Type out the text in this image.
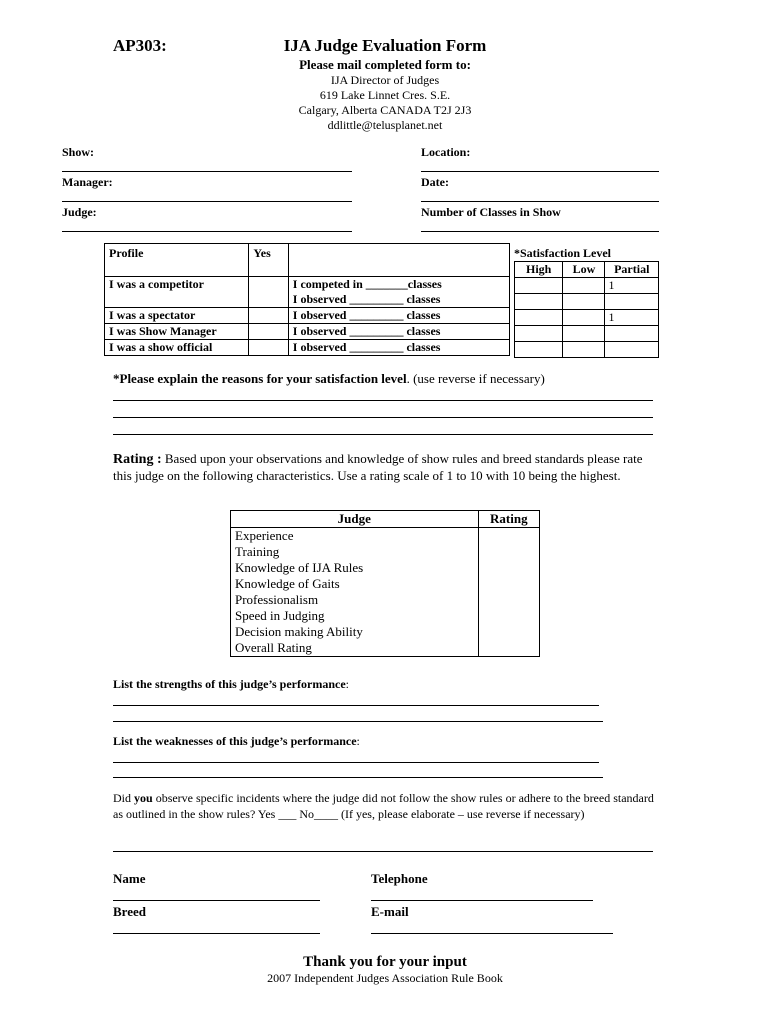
AP303:	IJA Judge Evaluation Form
Please mail completed form to:
IJA Director of Judges
619 Lake Linnet Cres. S.E.
Calgary, Alberta CANADA T2J 2J3
ddlittle@telusplanet.net
Show:	Location:
Manager:	Date:
Judge:	Number of Classes in Show
Profile	Yes	
I was a competitor		I competed in _______classes
I observed _________ classes

I was a spectator		I observed _________ classes
I was Show Manager		I observed _________ classes
I was a show official		I observed _________ classes
*Satisfaction Level
High	Low	Partial
		1

		1

*Please explain the reasons for your satisfaction level. (use reverse if necessary)
Rating : Based upon your observations and knowledge of show rules and breed standards please rate this judge on the following characteristics. Use a rating scale of 1 to 10 with 10 being the highest.
Judge	Rating
Experience	
Training	
Knowledge of IJA Rules	
Knowledge of Gaits	
Professionalism	
Speed in Judging	
Decision making Ability	
Overall Rating	
List the strengths of this judge’s performance:
List the weaknesses of this judge’s performance:
Did you observe specific incidents where the judge did not follow the show rules or adhere to the breed standard as outlined in the show rules? Yes ___ No____ (If yes, please elaborate – use reverse if necessary)
Name	Telephone
Breed	E-mail
Thank you for your input
2007 Independent Judges Association Rule Book
